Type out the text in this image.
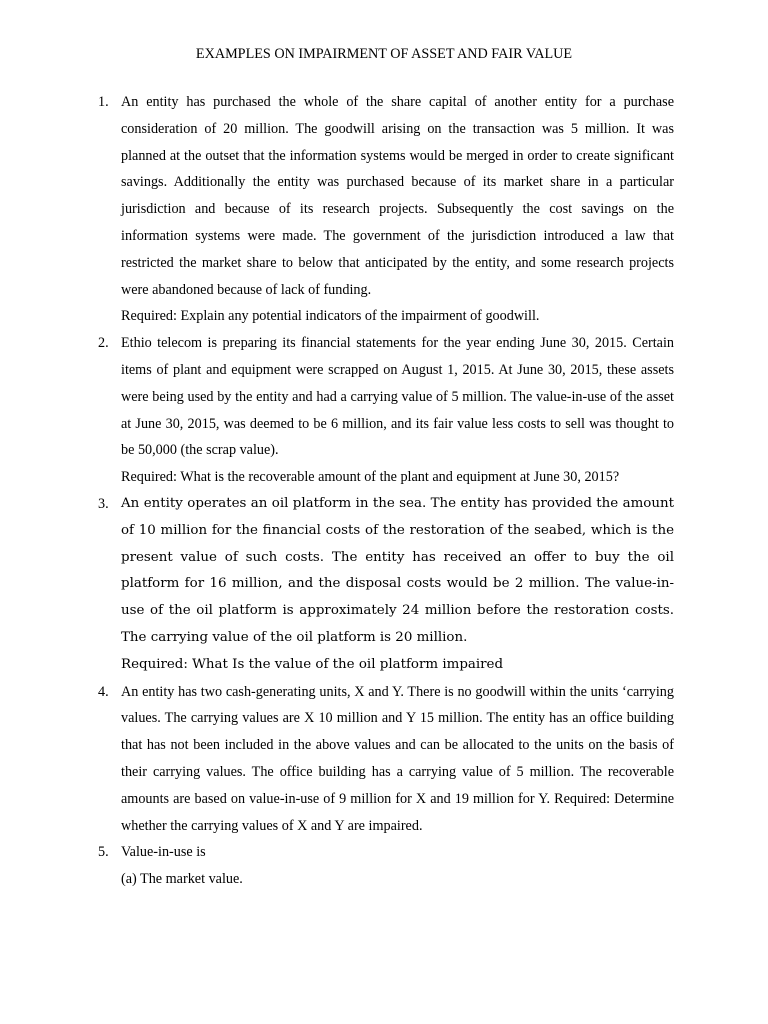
EXAMPLES ON IMPAIRMENT OF ASSET AND FAIR VALUE
1. An entity has purchased the whole of the share capital of another entity for a purchase consideration of 20 million. The goodwill arising on the transaction was 5 million. It was planned at the outset that the information systems would be merged in order to create significant savings. Additionally the entity was purchased because of its market share in a particular jurisdiction and because of its research projects. Subsequently the cost savings on the information systems were made. The government of the jurisdiction introduced a law that restricted the market share to below that anticipated by the entity, and some research projects were abandoned because of lack of funding.
Required: Explain any potential indicators of the impairment of goodwill.
2. Ethio telecom is preparing its financial statements for the year ending June 30, 2015. Certain items of plant and equipment were scrapped on August 1, 2015. At June 30, 2015, these assets were being used by the entity and had a carrying value of 5 million. The value-in-use of the asset at June 30, 2015, was deemed to be 6 million, and its fair value less costs to sell was thought to be 50,000 (the scrap value).
Required: What is the recoverable amount of the plant and equipment at June 30, 2015?
3. An entity operates an oil platform in the sea. The entity has provided the amount of 10 million for the financial costs of the restoration of the seabed, which is the present value of such costs. The entity has received an offer to buy the oil platform for 16 million, and the disposal costs would be 2 million. The value-in-use of the oil platform is approximately 24 million before the restoration costs. The carrying value of the oil platform is 20 million.
Required: What Is the value of the oil platform impaired
4. An entity has two cash-generating units, X and Y. There is no goodwill within the units ‘carrying values. The carrying values are X 10 million and Y 15 million. The entity has an office building that has not been included in the above values and can be allocated to the units on the basis of their carrying values. The office building has a carrying value of 5 million. The recoverable amounts are based on value-in-use of 9 million for X and 19 million for Y. Required: Determine whether the carrying values of X and Y are impaired.
5. Value-in-use is
(a) The market value.
